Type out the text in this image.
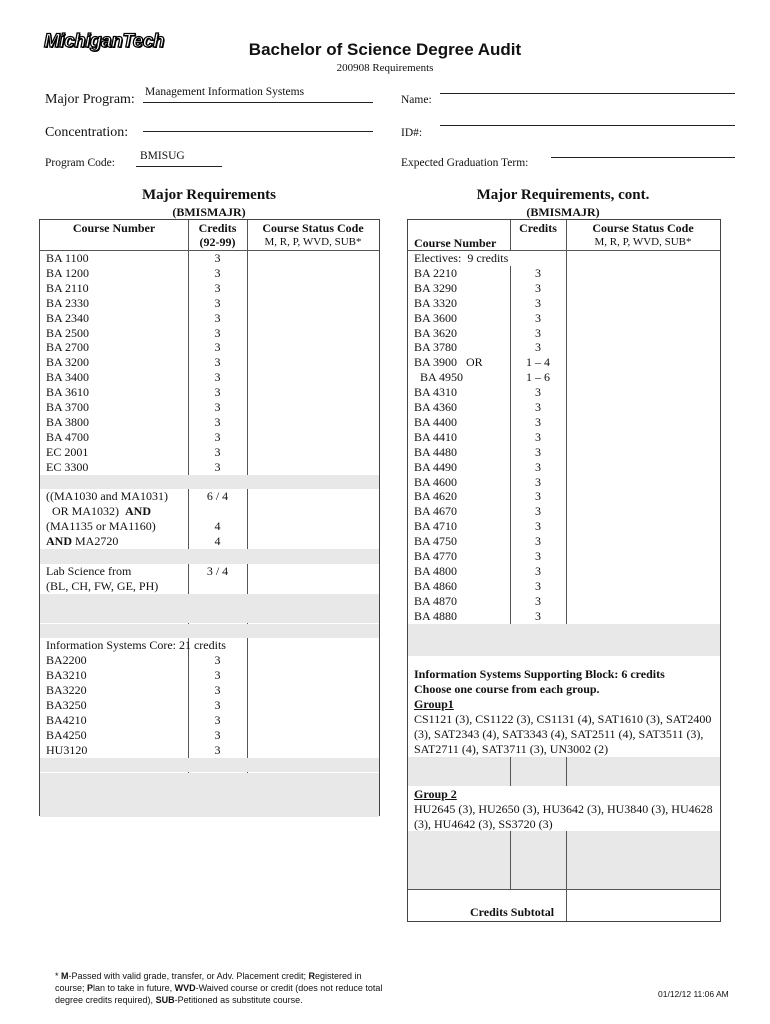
MichiganTech	Bachelor of Science Degree Audit
200908 Requirements
Major Program: Management Information Systems
Name:
Concentration:	ID#:
Program Code:
BMISUG
Expected Graduation Term:
Major Requirements
(BMISMAJR)
Course Number	Credits
(92-99)
Course Status Code
M, R, P, WVD, SUB*
BA 1100	3
BA 1200	3
BA 2110	3
BA 2330	3
BA 2340	3
BA 2500	3
BA 2700	3
BA 3200	3
BA 3400	3
BA 3610	3
BA 3700	3
BA 3800	3
BA 4700	3
EC 2001	3
EC 3300	3
((MA1030 and MA1031)	6 / 4
OR MA1032)  AND
(MA1135 or MA1160)	4
AND MA2720	4
Lab Science from	3 / 4
(BL, CH, FW, GE, PH)
Information Systems Core: 21 credits
BA2200	3
BA3210	3
BA3220	3
BA3250	3
BA4210	3
BA4250	3
HU3120	3
Major Requirements, cont.
(BMISMAJR)
Course Number
Credits	Course Status Code
M, R, P, WVD, SUB*
Electives:  9 credits
BA 2210	3
BA 3290	3
BA 3320	3
BA 3600	3
BA 3620	3
BA 3780	3
BA 3900   OR	1 – 4
BA 4950	1 – 6
BA 4310	3
BA 4360	3
BA 4400	3
BA 4410	3
BA 4480	3
BA 4490	3
BA 4600	3
BA 4620	3
BA 4670	3
BA 4710	3
BA 4750	3
BA 4770	3
BA 4800	3
BA 4860	3
BA 4870	3
BA 4880	3
Information Systems Supporting Block: 6 credits
Choose one course from each group.
Group1
CS1121 (3), CS1122 (3), CS1131 (4), SAT1610 (3), SAT2400 (3), SAT2343 (4), SAT3343 (4), SAT2511 (4), SAT3511 (3), SAT2711 (4), SAT3711 (3), UN3002 (2)
Group 2
HU2645 (3), HU2650 (3), HU3642 (3), HU3840 (3), HU4628 (3), HU4642 (3), SS3720 (3)
Credits Subtotal
* M-Passed with valid grade, transfer, or Adv. Placement credit; Registered in
course; Plan to take in future, WVD-Waived course or credit (does not reduce total
degree credits required), SUB-Petitioned as substitute course.
01/12/12 11:06 AM
